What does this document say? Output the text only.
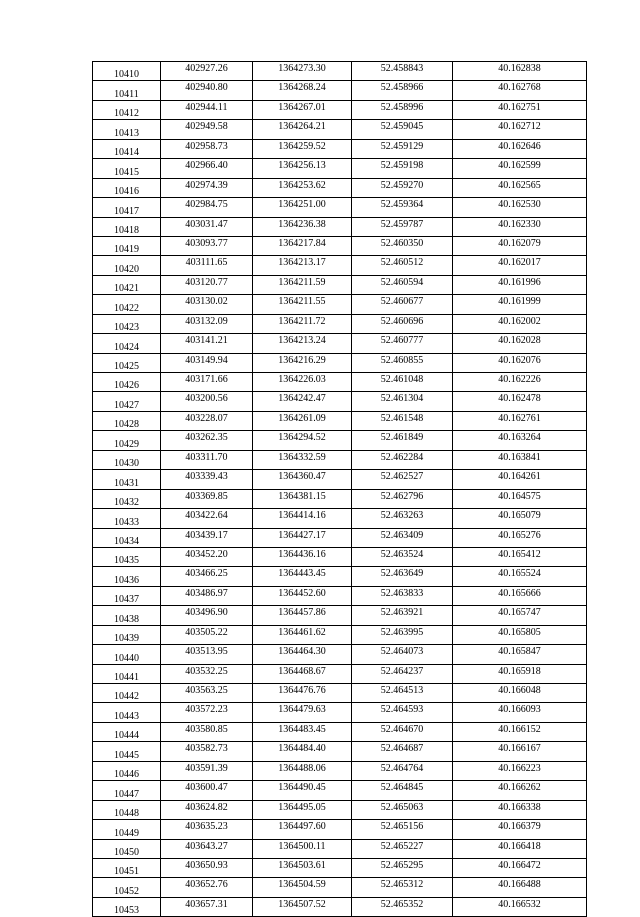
10410	402927.26	1364273.30	52.458843	40.162838
10411	402940.80	1364268.24	52.458966	40.162768
10412	402944.11	1364267.01	52.458996	40.162751
10413	402949.58	1364264.21	52.459045	40.162712
10414	402958.73	1364259.52	52.459129	40.162646
10415	402966.40	1364256.13	52.459198	40.162599
10416	402974.39	1364253.62	52.459270	40.162565
10417	402984.75	1364251.00	52.459364	40.162530
10418	403031.47	1364236.38	52.459787	40.162330
10419	403093.77	1364217.84	52.460350	40.162079
10420	403111.65	1364213.17	52.460512	40.162017
10421	403120.77	1364211.59	52.460594	40.161996
10422	403130.02	1364211.55	52.460677	40.161999
10423	403132.09	1364211.72	52.460696	40.162002
10424	403141.21	1364213.24	52.460777	40.162028
10425	403149.94	1364216.29	52.460855	40.162076
10426	403171.66	1364226.03	52.461048	40.162226
10427	403200.56	1364242.47	52.461304	40.162478
10428	403228.07	1364261.09	52.461548	40.162761
10429	403262.35	1364294.52	52.461849	40.163264
10430	403311.70	1364332.59	52.462284	40.163841
10431	403339.43	1364360.47	52.462527	40.164261
10432	403369.85	1364381.15	52.462796	40.164575
10433	403422.64	1364414.16	52.463263	40.165079
10434	403439.17	1364427.17	52.463409	40.165276
10435	403452.20	1364436.16	52.463524	40.165412
10436	403466.25	1364443.45	52.463649	40.165524
10437	403486.97	1364452.60	52.463833	40.165666
10438	403496.90	1364457.86	52.463921	40.165747
10439	403505.22	1364461.62	52.463995	40.165805
10440	403513.95	1364464.30	52.464073	40.165847
10441	403532.25	1364468.67	52.464237	40.165918
10442	403563.25	1364476.76	52.464513	40.166048
10443	403572.23	1364479.63	52.464593	40.166093
10444	403580.85	1364483.45	52.464670	40.166152
10445	403582.73	1364484.40	52.464687	40.166167
10446	403591.39	1364488.06	52.464764	40.166223
10447	403600.47	1364490.45	52.464845	40.166262
10448	403624.82	1364495.05	52.465063	40.166338
10449	403635.23	1364497.60	52.465156	40.166379
10450	403643.27	1364500.11	52.465227	40.166418
10451	403650.93	1364503.61	52.465295	40.166472
10452	403652.76	1364504.59	52.465312	40.166488
10453	403657.31	1364507.52	52.465352	40.166532
